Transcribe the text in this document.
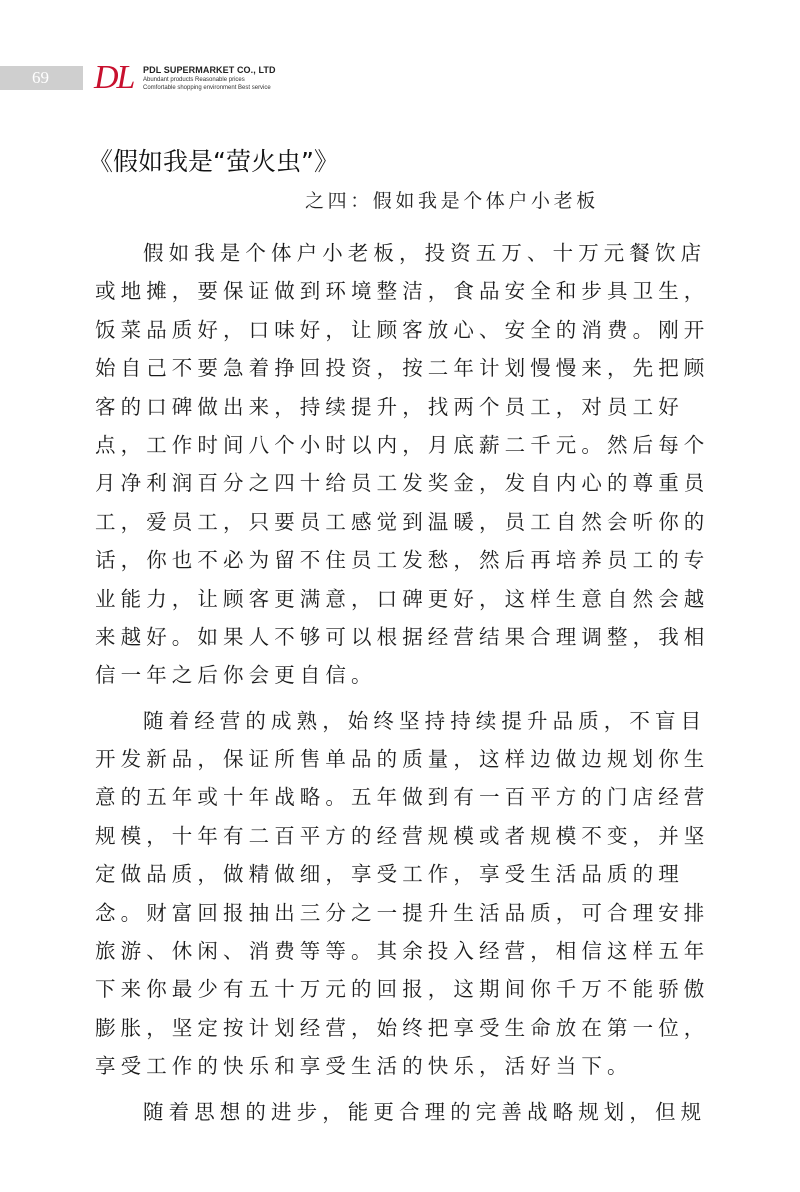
69	DL PDL SUPERMARKET CO., LTD
Abundant products Reasonable prices
Comfortable shopping environment Best service
《假如我是“萤火虫”》
之四：假如我是个体户小老板
假如我是个体户小老板，投资五万、十万元餐饮店
或地摊，要保证做到环境整洁，食品安全和步具卫生，
饭菜品质好，口味好，让顾客放心、安全的消费。刚开
始自己不要急着挣回投资，按二年计划慢慢来，先把顾
客的口碑做出来，持续提升，找两个员工，对员工好
点，工作时间八个小时以内，月底薪二千元。然后每个
月净利润百分之四十给员工发奖金，发自内心的尊重员
工，爱员工，只要员工感觉到温暖，员工自然会听你的
话，你也不必为留不住员工发愁，然后再培养员工的专
业能力，让顾客更满意，口碑更好，这样生意自然会越
来越好。如果人不够可以根据经营结果合理调整，我相
信一年之后你会更自信。
随着经营的成熟，始终坚持持续提升品质，不盲目
开发新品，保证所售单品的质量，这样边做边规划你生
意的五年或十年战略。五年做到有一百平方的门店经营
规模，十年有二百平方的经营规模或者规模不变，并坚
定做品质，做精做细，享受工作，享受生活品质的理
念。财富回报抽出三分之一提升生活品质，可合理安排
旅游、休闲、消费等等。其余投入经营，相信这样五年
下来你最少有五十万元的回报，这期间你千万不能骄傲
膨胀，坚定按计划经营，始终把享受生命放在第一位，
享受工作的快乐和享受生活的快乐，活好当下。
随着思想的进步，能更合理的完善战略规划，但规
